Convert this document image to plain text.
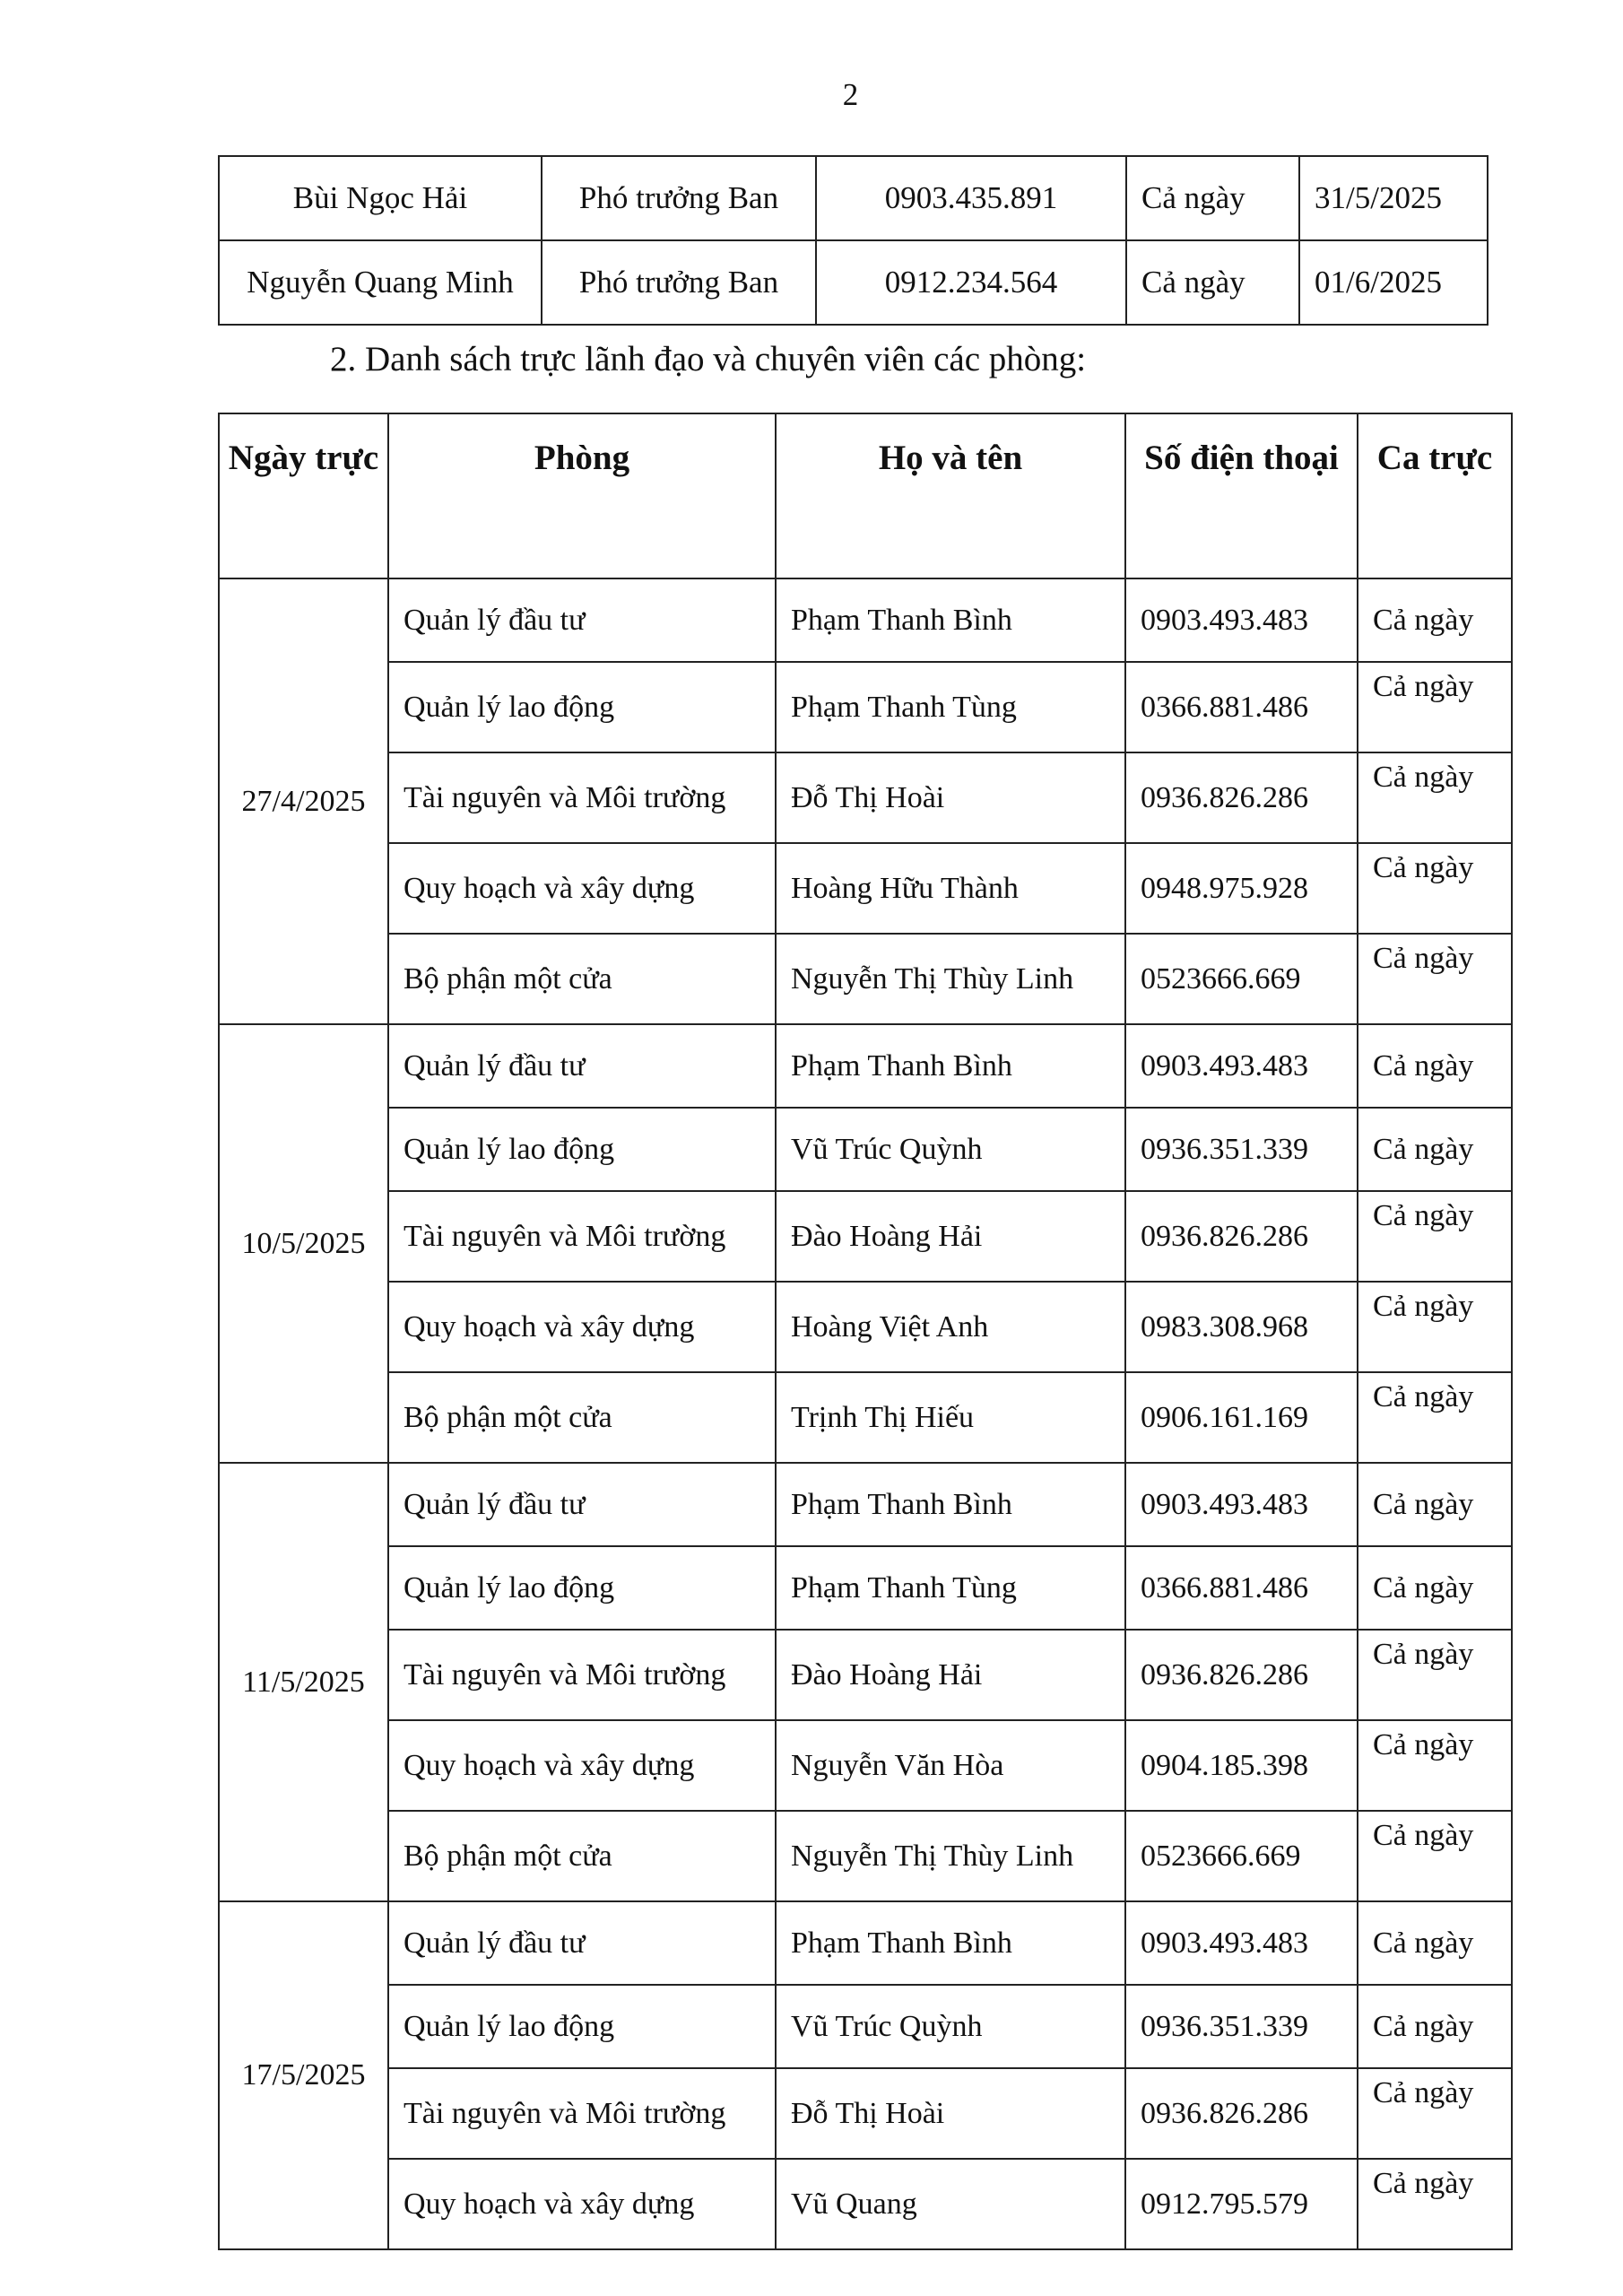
2
Bùi Ngọc Hải	Phó trưởng Ban	0903.435.891	Cả ngày	31/5/2025
Nguyễn Quang Minh	Phó trưởng Ban	0912.234.564	Cả ngày	01/6/2025
2. Danh sách trực lãnh đạo và chuyên viên các phòng:
Ngày trực	Phòng	Họ và tên	Số điện thoại	Ca trực
27/4/2025	Quản lý đầu tư	Phạm Thanh Bình	0903.493.483	Cả ngày
	Quản lý lao động	Phạm Thanh Tùng	0366.881.486	Cả ngày
	Tài nguyên và Môi trường	Đỗ Thị Hoài	0936.826.286	Cả ngày
	Quy hoạch và xây dựng	Hoàng Hữu Thành	0948.975.928	Cả ngày
	Bộ phận một cửa	Nguyễn Thị Thùy Linh	0523666.669	Cả ngày
10/5/2025	Quản lý đầu tư	Phạm Thanh Bình	0903.493.483	Cả ngày
	Quản lý lao động	Vũ Trúc Quỳnh	0936.351.339	Cả ngày
	Tài nguyên và Môi trường	Đào Hoàng Hải	0936.826.286	Cả ngày
	Quy hoạch và xây dựng	Hoàng Việt Anh	0983.308.968	Cả ngày
	Bộ phận một cửa	Trịnh Thị Hiếu	0906.161.169	Cả ngày
11/5/2025	Quản lý đầu tư	Phạm Thanh Bình	0903.493.483	Cả ngày
	Quản lý lao động	Phạm Thanh Tùng	0366.881.486	Cả ngày
	Tài nguyên và Môi trường	Đào Hoàng Hải	0936.826.286	Cả ngày
	Quy hoạch và xây dựng	Nguyễn Văn Hòa	0904.185.398	Cả ngày
	Bộ phận một cửa	Nguyễn Thị Thùy Linh	0523666.669	Cả ngày
17/5/2025	Quản lý đầu tư	Phạm Thanh Bình	0903.493.483	Cả ngày
	Quản lý lao động	Vũ Trúc Quỳnh	0936.351.339	Cả ngày
	Tài nguyên và Môi trường	Đỗ Thị Hoài	0936.826.286	Cả ngày
	Quy hoạch và xây dựng	Vũ Quang	0912.795.579	Cả ngày
